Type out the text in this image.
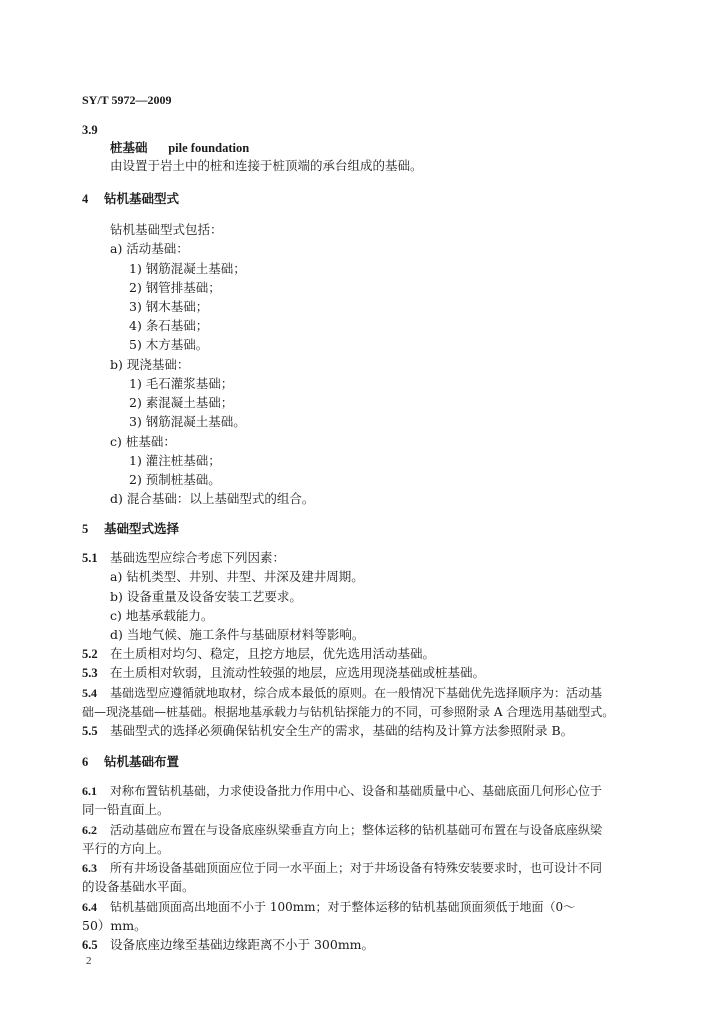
SY/T 5972—2009
3.9
桩基础 pile foundation
由设置于岩土中的桩和连接于桩顶端的承台组成的基础。
4 钻机基础型式
钻机基础型式包括：
a) 活动基础：
1) 钢筋混凝土基础；
2) 钢管排基础；
3) 钢木基础；
4) 条石基础；
5) 木方基础。
b) 现浇基础：
1) 毛石灌浆基础；
2) 素混凝土基础；
3) 钢筋混凝土基础。
c) 桩基础：
1) 灌注桩基础；
2) 预制桩基础。
d) 混合基础：以上基础型式的组合。
5 基础型式选择
5.1 基础选型应综合考虑下列因素：
a) 钻机类型、井别、井型、井深及建井周期。
b) 设备重量及设备安装工艺要求。
c) 地基承载能力。
d) 当地气候、施工条件与基础原材料等影响。
5.2 在土质相对均匀、稳定，且挖方地层，优先选用活动基础。
5.3 在土质相对软弱，且流动性较强的地层，应选用现浇基础或桩基础。
5.4 基础选型应遵循就地取材，综合成本最低的原则。在一般情况下基础优先选择顺序为：活动基
础—现浇基础—桩基础。根据地基承载力与钻机钻探能力的不同，可参照附录 A 合理选用基础型式。
5.5 基础型式的选择必须确保钻机安全生产的需求，基础的结构及计算方法参照附录 B。
6 钻机基础布置
6.1 对称布置钻机基础，力求使设备批力作用中心、设备和基础质量中心、基础底面几何形心位于
同一铅直面上。
6.2 活动基础应布置在与设备底座纵梁垂直方向上；整体运移的钻机基础可布置在与设备底座纵梁
平行的方向上。
6.3 所有井场设备基础顶面应位于同一水平面上；对于井场设备有特殊安装要求时，也可设计不同
的设备基础水平面。
6.4 钻机基础顶面高出地面不小于 100mm；对于整体运移的钻机基础顶面须低于地面（0～
50）mm。
6.5 设备底座边缘至基础边缘距离不小于 300mm。
2
